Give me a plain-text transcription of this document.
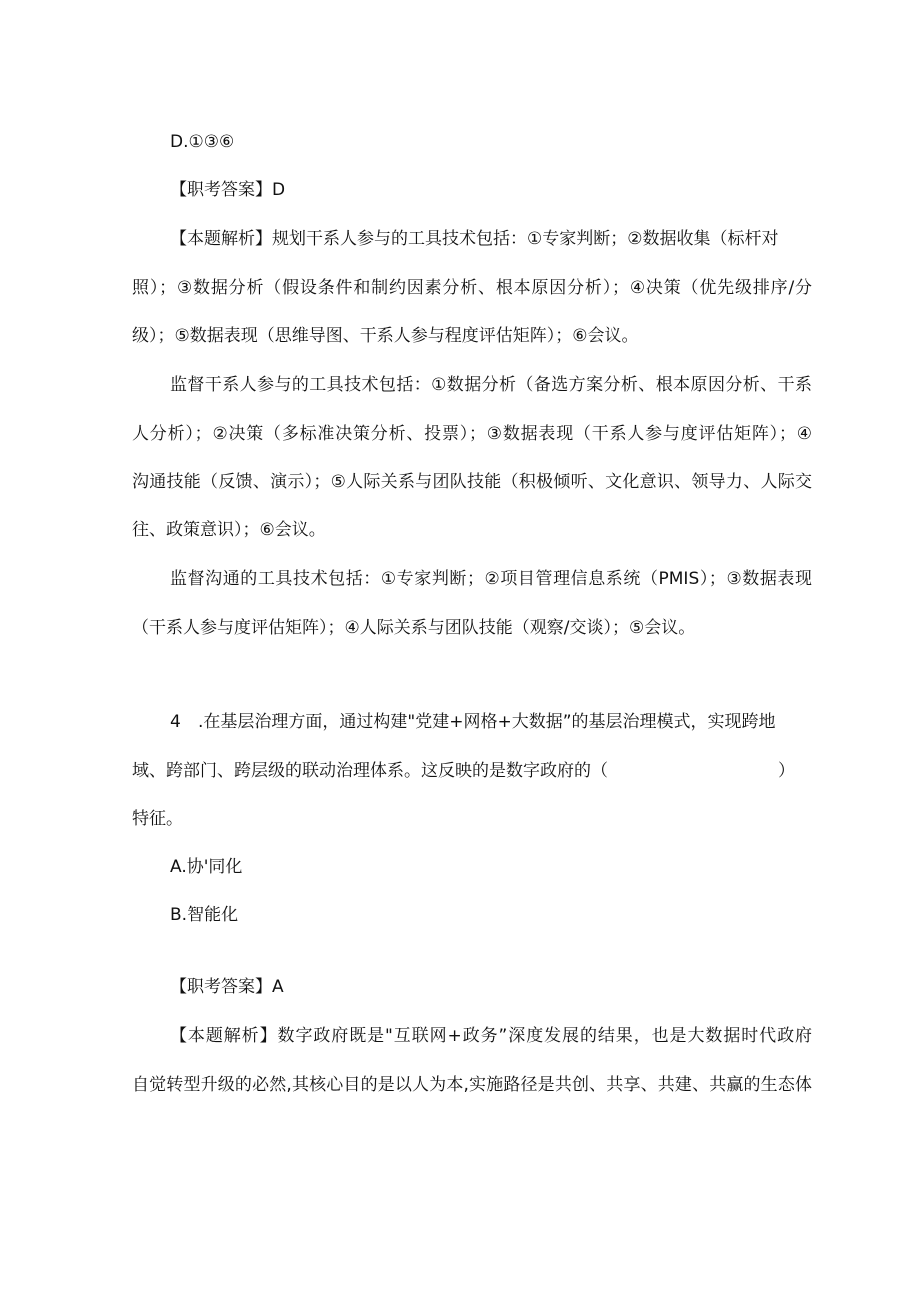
D.①③⑥
【职考答案】D
【本题解析】规划干系人参与的工具技术包括：①专家判断；②数据收集（标杆对
照）；③数据分析（假设条件和制约因素分析、根本原因分析）；④决策（优先级排序/分
级）；⑤数据表现（思维导图、干系人参与程度评估矩阵）；⑥会议。
监督干系人参与的工具技术包括：①数据分析（备选方案分析、根本原因分析、干系
人分析）；②决策（多标准决策分析、投票）；③数据表现（干系人参与度评估矩阵）；④
沟通技能（反馈、演示）；⑤人际关系与团队技能（积极倾听、文化意识、领导力、人际交
往、政策意识）；⑥会议。
监督沟通的工具技术包括：①专家判断；②项目管理信息系统（PMIS）；③数据表现
（干系人参与度评估矩阵）；④人际关系与团队技能（观察/交谈）；⑤会议。
4 .在基层治理方面，通过构建"党建+网格+大数据”的基层治理模式，实现跨地
域、跨部门、跨层级的联动治理体系。这反映的是数字政府的（	）
特征。
A.协'同化
B.智能化
【职考答案】A
【本题解析】数字政府既是"互联网+政务”深度发展的结果，也是大数据时代政府
自觉转型升级的必然,其核心目的是以人为本,实施路径是共创、共享、共建、共赢的生态体
